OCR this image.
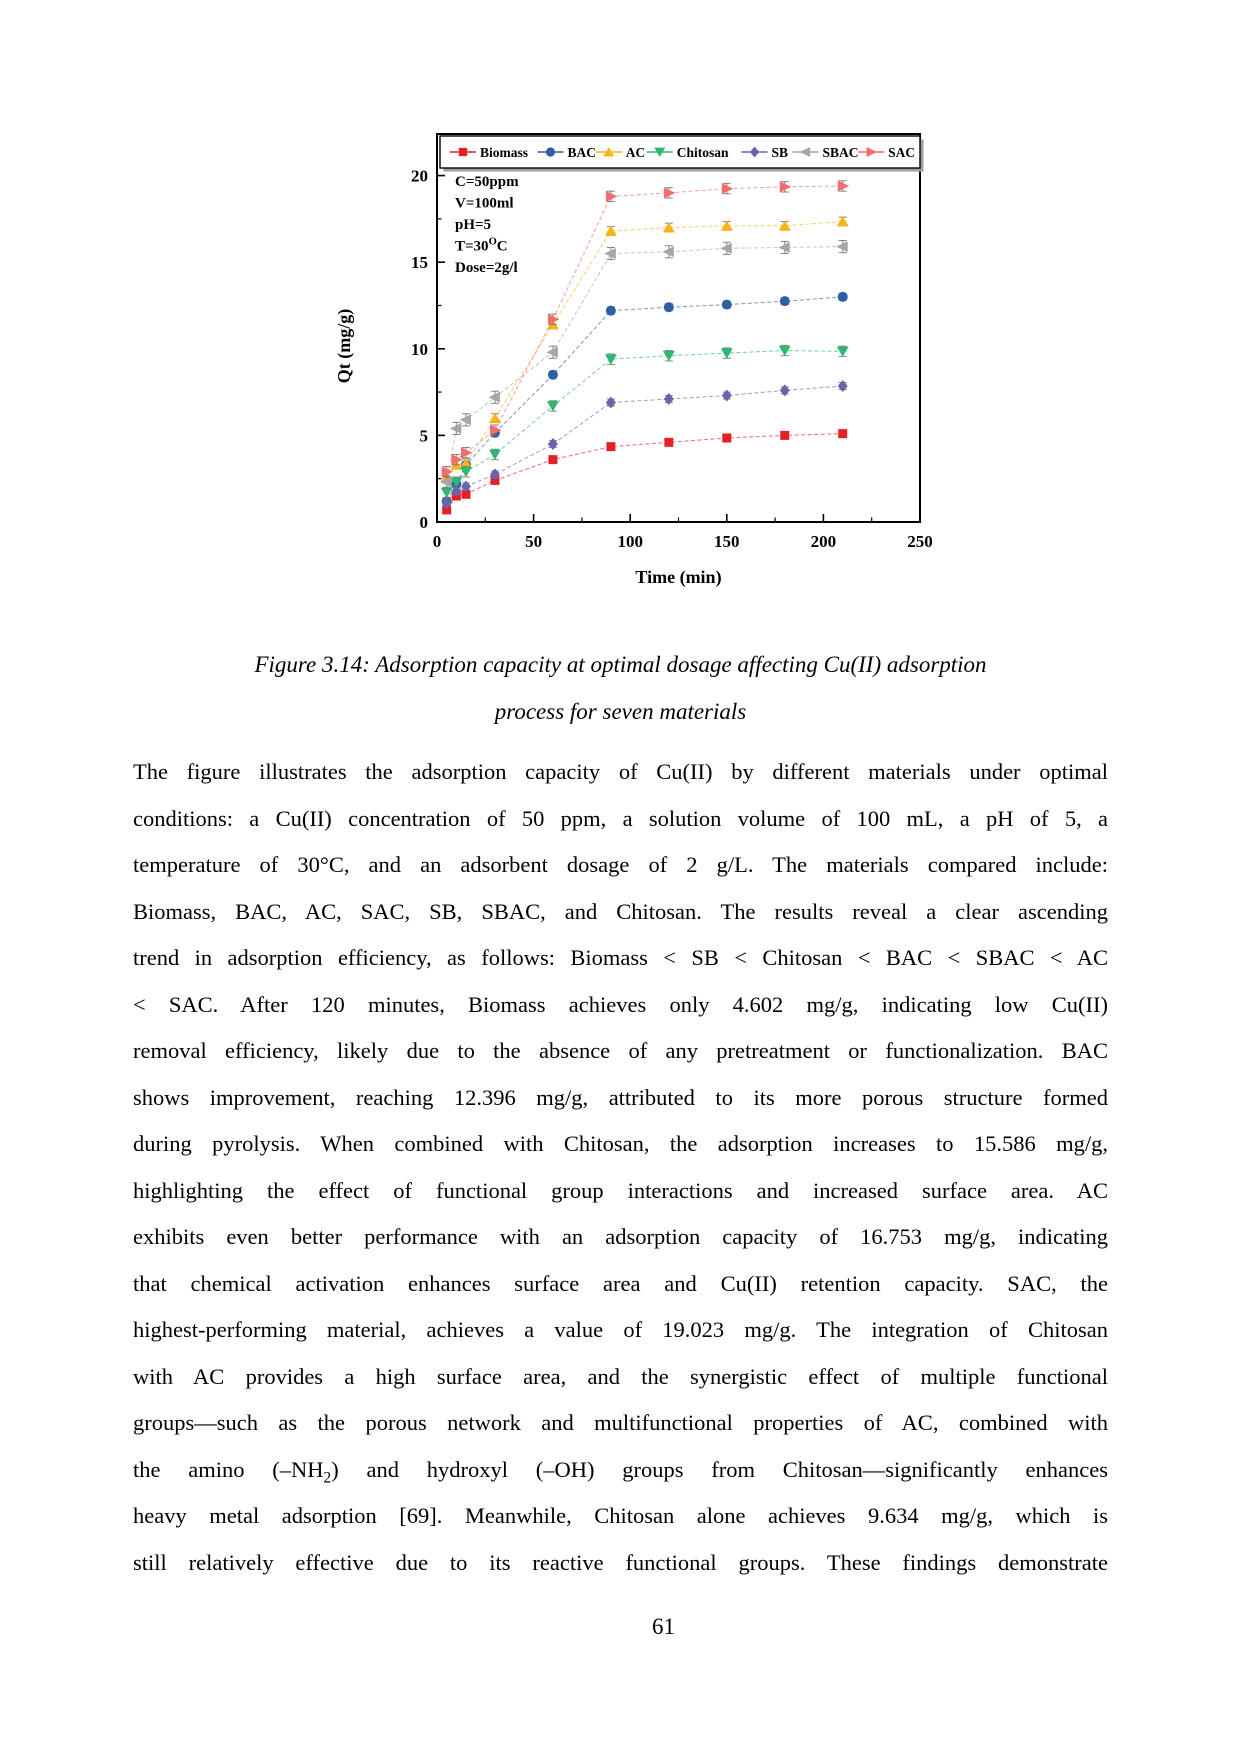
0	50	100	150	200	250
0
5
10
15
20
Time (min)
Qt (mg/g)
C=50ppm
V=100ml
pH=5
$T=30^OC$
Dose=2g/l
Biomass	BAC AC Chitosan	SB	SBAC SAC
Figure 3.14: Adsorption capacity at optimal dosage affecting Cu(II) adsorption
process for seven materials
The figure illustrates the adsorption capacity of Cu(II) by different materials under optimal
conditions: a Cu(II) concentration of 50 ppm, a solution volume of 100 mL, a pH of 5, a
temperature of 30°C, and an adsorbent dosage of 2 g/L. The materials compared include:
Biomass, BAC, AC, SAC, SB, SBAC, and Chitosan. The results reveal a clear ascending
trend in adsorption efficiency, as follows: Biomass < SB < Chitosan < BAC < SBAC < AC
< SAC. After 120 minutes, Biomass achieves only 4.602 mg/g, indicating low Cu(II)
removal efficiency, likely due to the absence of any pretreatment or functionalization. BAC
shows improvement, reaching 12.396 mg/g, attributed to its more porous structure formed
during pyrolysis. When combined with Chitosan, the adsorption increases to 15.586 mg/g,
highlighting the effect of functional group interactions and increased surface area. AC
exhibits even better performance with an adsorption capacity of 16.753 mg/g, indicating
that chemical activation enhances surface area and Cu(II) retention capacity. SAC, the
highest-performing material, achieves a value of 19.023 mg/g. The integration of Chitosan
with AC provides a high surface area, and the synergistic effect of multiple functional
groups—such as the porous network and multifunctional properties of AC, combined with
the amino $(-NH_2)$ and hydroxyl (–OH) groups from Chitosan—significantly enhances
heavy metal adsorption [69]. Meanwhile, Chitosan alone achieves 9.634 mg/g, which is
still relatively effective due to its reactive functional groups. These findings demonstrate
61
